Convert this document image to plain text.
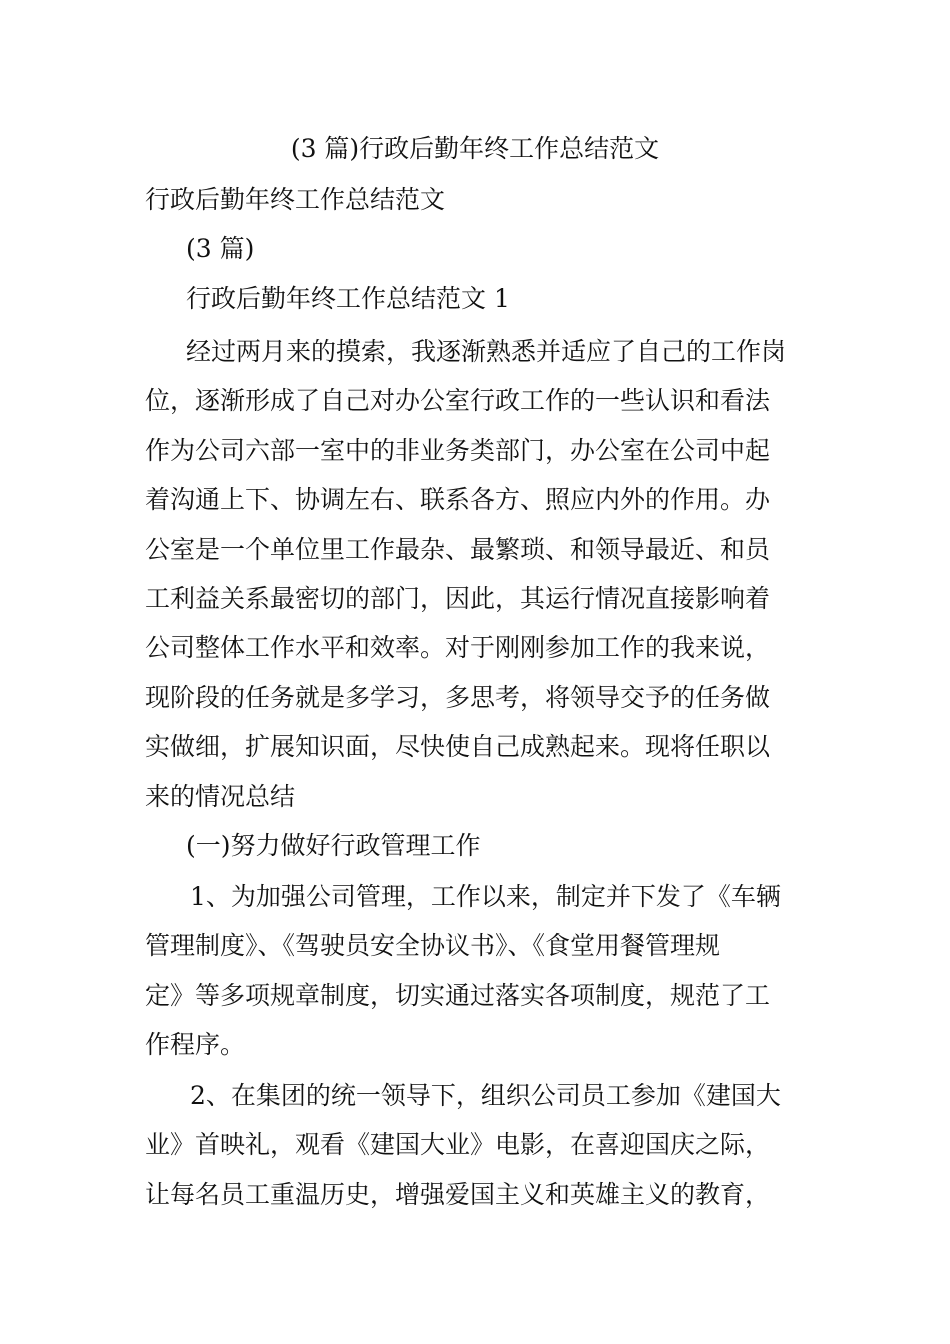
(3 篇)行政后勤年终工作总结范文
行政后勤年终工作总结范文
(3 篇)
行政后勤年终工作总结范文 1
经过两月来的摸索，我逐渐熟悉并适应了自己的工作岗
位，逐渐形成了自己对办公室行政工作的一些认识和看法
作为公司六部一室中的非业务类部门，办公室在公司中起
着沟通上下、协调左右、联系各方、照应内外的作用。办
公室是一个单位里工作最杂、最繁琐、和领导最近、和员
工利益关系最密切的部门，因此，其运行情况直接影响着
公司整体工作水平和效率。对于刚刚参加工作的我来说，
现阶段的任务就是多学习，多思考，将领导交予的任务做
实做细，扩展知识面，尽快使自己成熟起来。现将任职以
来的情况总结
(一)努力做好行政管理工作
1、为加强公司管理，工作以来，制定并下发了《车辆
管理制度》、《驾驶员安全协议书》、《食堂用餐管理规
定》等多项规章制度，切实通过落实各项制度，规范了工
作程序。
2、在集团的统一领导下，组织公司员工参加《建国大
业》首映礼，观看《建国大业》电影，在喜迎国庆之际，
让每名员工重温历史，增强爱国主义和英雄主义的教育，
